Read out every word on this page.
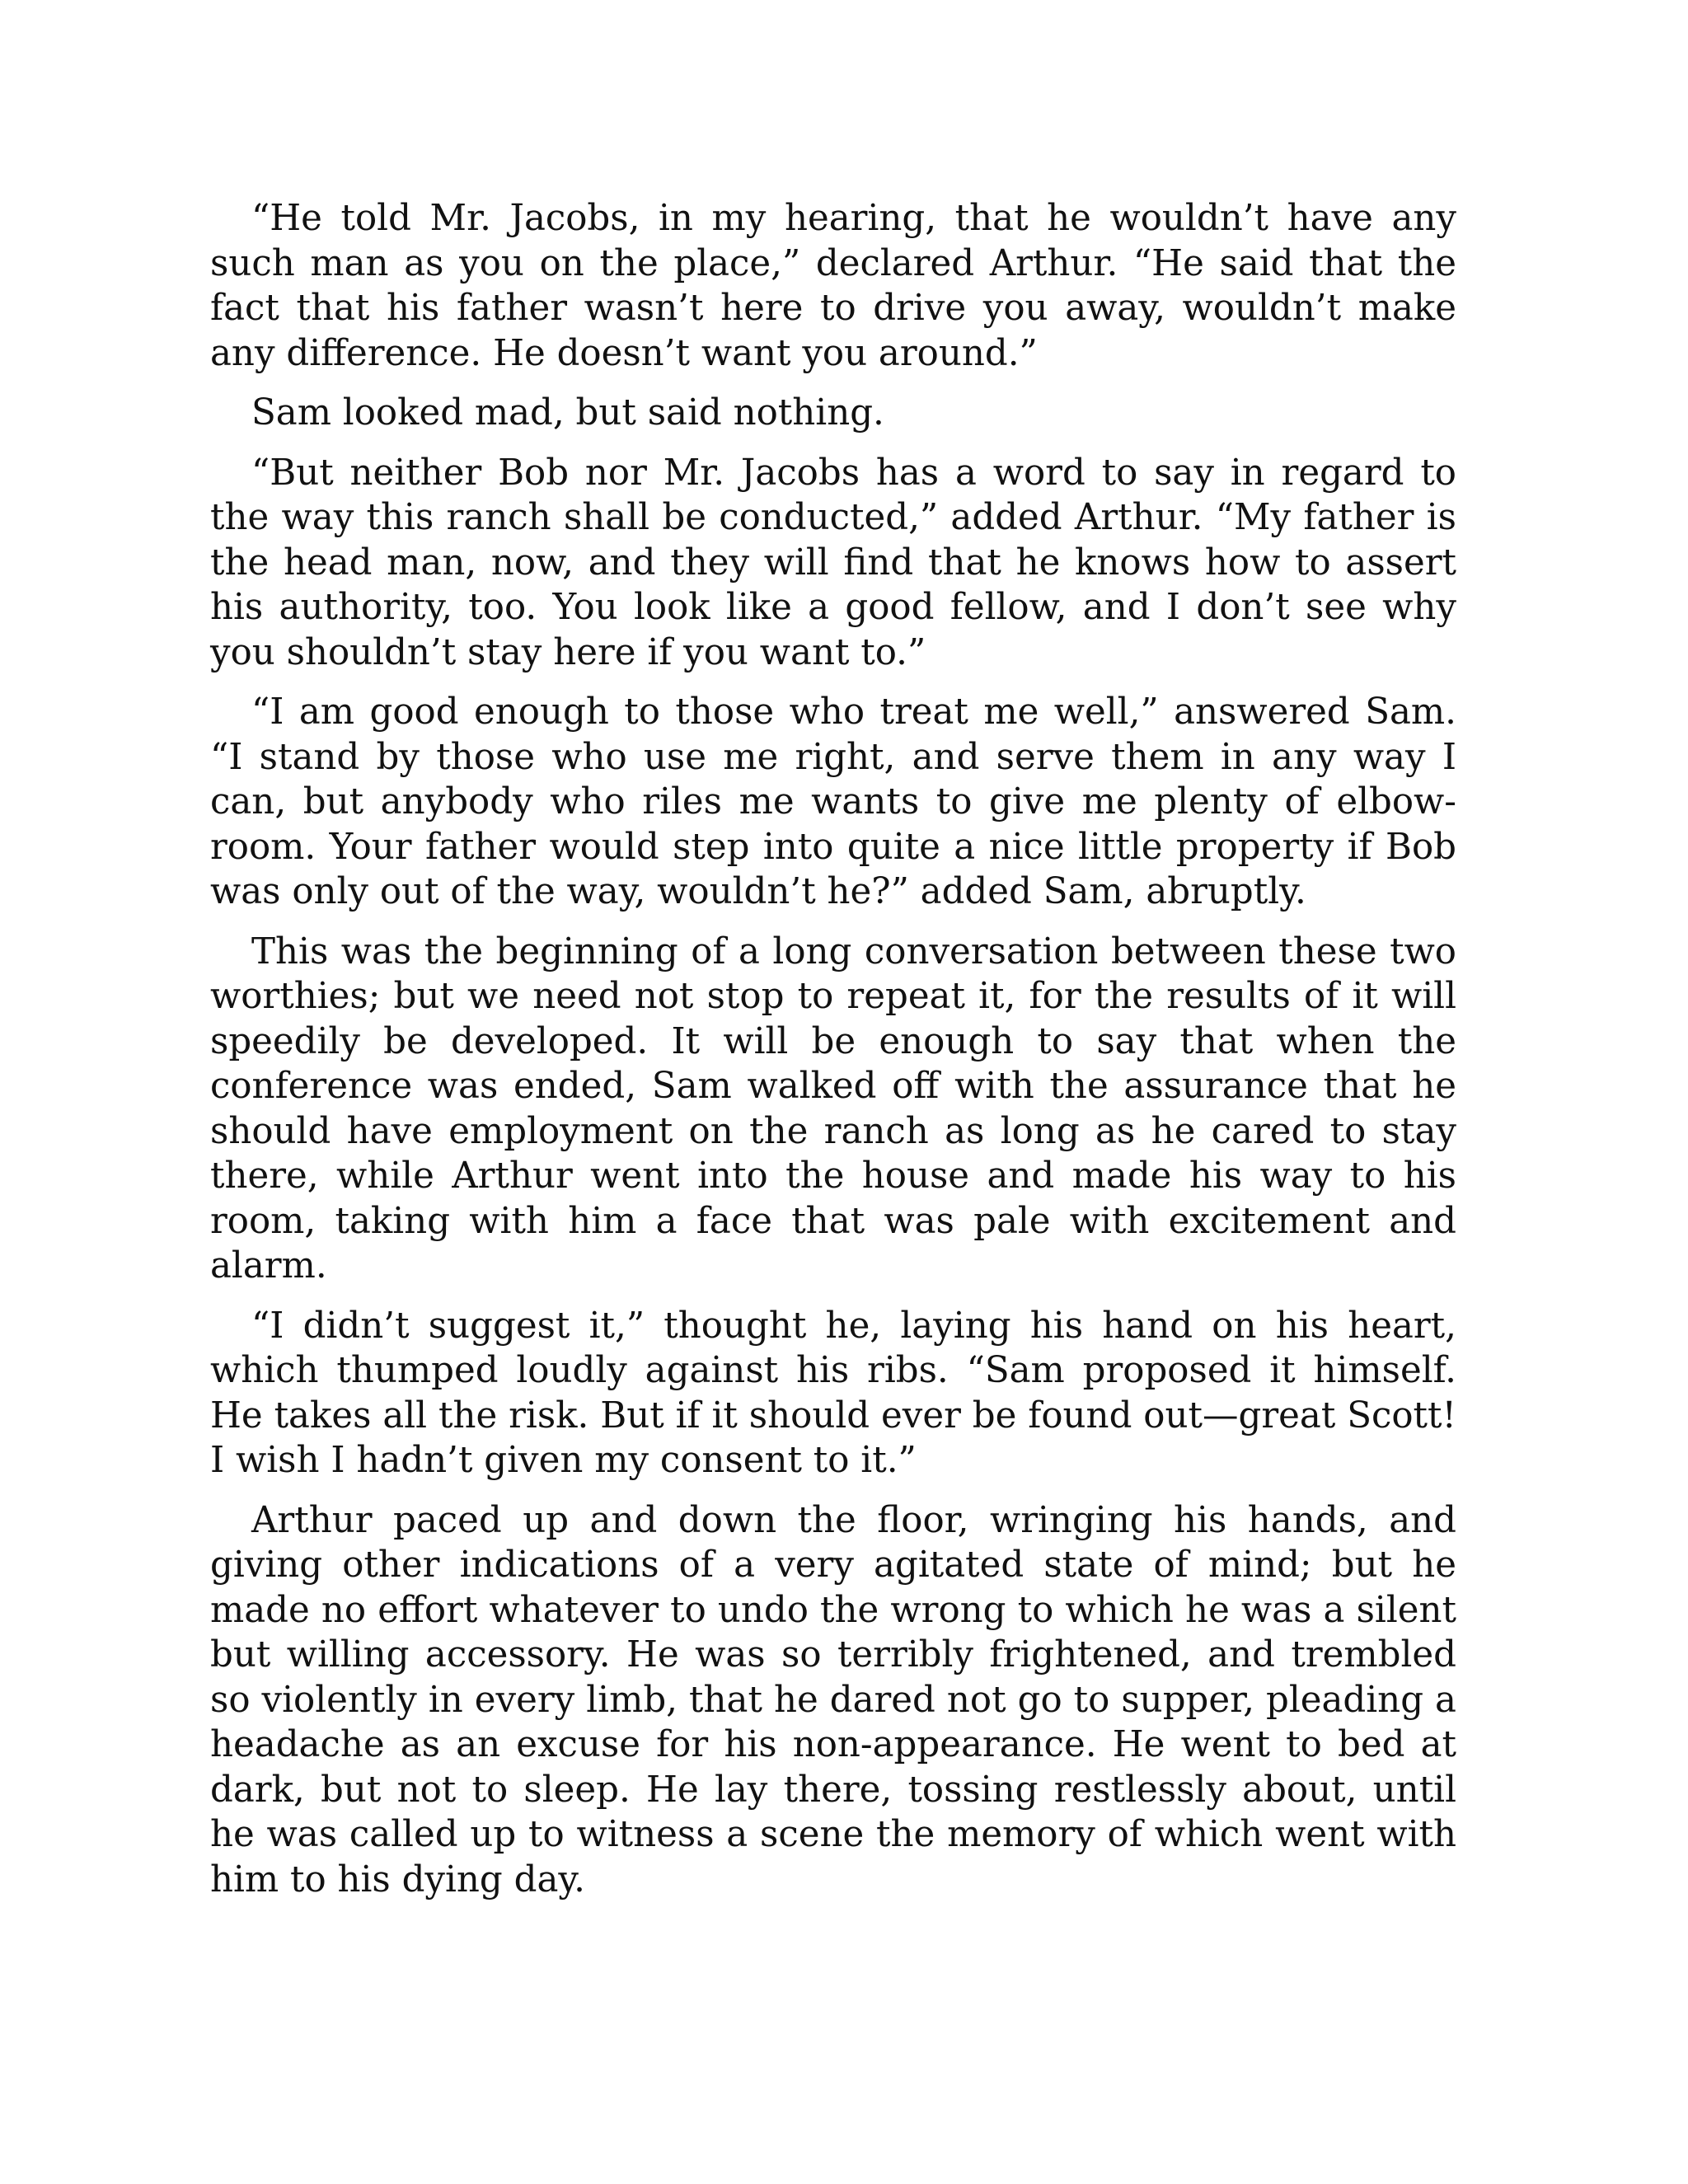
“He told Mr. Jacobs, in my hearing, that he wouldn’t have any such man as you on the place,” declared Arthur. “He said that the fact that his father wasn’t here to drive you away, wouldn’t make any difference. He doesn’t want you around.”

Sam looked mad, but said nothing.

“But neither Bob nor Mr. Jacobs has a word to say in regard to the way this ranch shall be conducted,” added Arthur. “My father is the head man, now, and they will find that he knows how to assert his authority, too. You look like a good fellow, and I don’t see why you shouldn’t stay here if you want to.”

“I am good enough to those who treat me well,” answered Sam. “I stand by those who use me right, and serve them in any way I can, but anybody who riles me wants to give me plenty of elbow-room. Your father would step into quite a nice little property if Bob was only out of the way, wouldn’t he?” added Sam, abruptly.

This was the beginning of a long conversation between these two worthies; but we need not stop to repeat it, for the results of it will speedily be developed. It will be enough to say that when the conference was ended, Sam walked off with the assurance that he should have employment on the ranch as long as he cared to stay there, while Arthur went into the house and made his way to his room, taking with him a face that was pale with excitement and alarm.

“I didn’t suggest it,” thought he, laying his hand on his heart, which thumped loudly against his ribs. “Sam proposed it himself. He takes all the risk. But if it should ever be found out—great Scott! I wish I hadn’t given my consent to it.”

Arthur paced up and down the floor, wringing his hands, and giving other indications of a very agitated state of mind; but he made no effort whatever to undo the wrong to which he was a silent but willing accessory. He was so terribly frightened, and trembled so violently in every limb, that he dared not go to supper, pleading a headache as an excuse for his non-appearance. He went to bed at dark, but not to sleep. He lay there, tossing restlessly about, until he was called up to witness a scene the memory of which went with him to his dying day.
